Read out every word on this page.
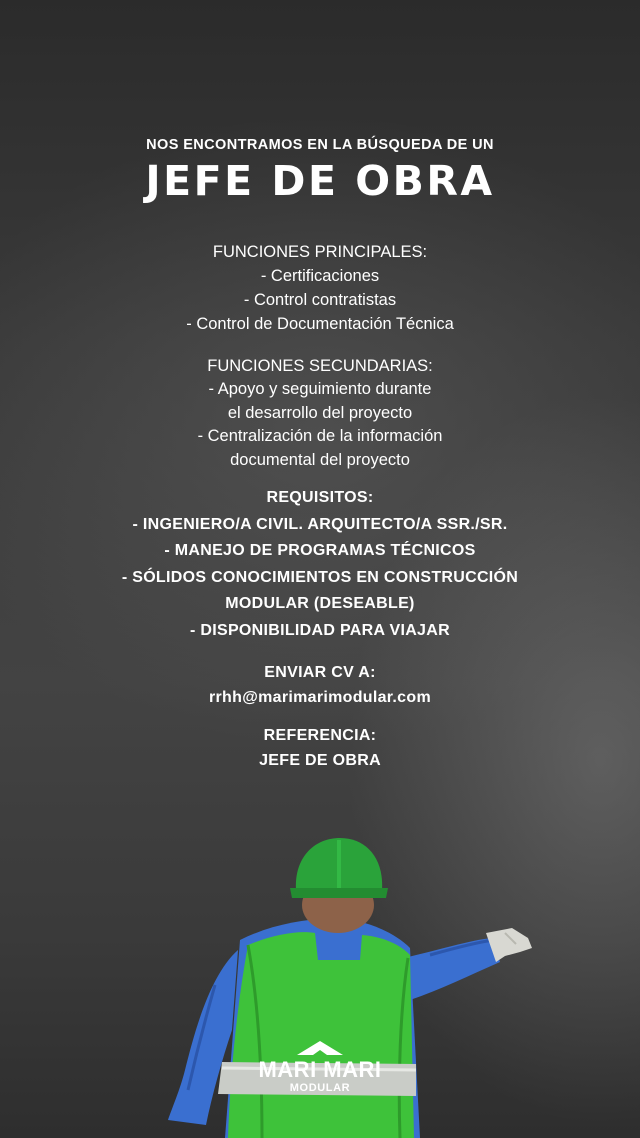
NOS ENCONTRAMOS EN LA BÚSQUEDA DE UN
JEFE DE OBRA
FUNCIONES PRINCIPALES:
- Certificaciones
- Control contratistas
- Control de Documentación Técnica
FUNCIONES SECUNDARIAS:
- Apoyo y seguimiento durante
el desarrollo del proyecto
- Centralización de la información
documental del proyecto
REQUISITOS:
- INGENIERO/A CIVIL. ARQUITECTO/A SSR./SR.
- MANEJO DE PROGRAMAS TÉCNICOS
- SÓLIDOS CONOCIMIENTOS EN CONSTRUCCIÓN
MODULAR (DESEABLE)
- DISPONIBILIDAD PARA VIAJAR
ENVIAR CV A:
rrhh@marimarimodular.com
REFERENCIA:
JEFE DE OBRA
MARI MARI
MODULAR
